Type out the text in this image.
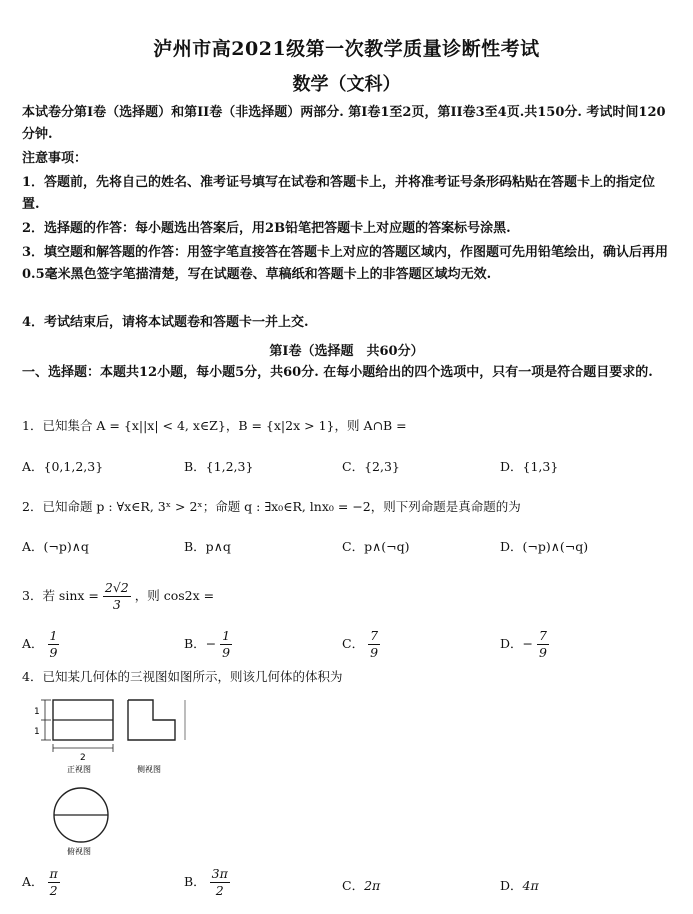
泸州市高2021级第一次教学质量诊断性考试
数学（文科）
本试卷分第I卷（选择题）和第II卷（非选择题）两部分. 第I卷1至2页，第II卷3至4页.共150分. 考试时间120分钟.
注意事项：
1．答题前，先将自己的姓名、准考证号填写在试卷和答题卡上，并将准考证号条形码粘贴在答题卡上的指定位置.
2．选择题的作答：每小题选出答案后，用2B铅笔把答题卡上对应题的答案标号涂黑.
3．填空题和解答题的作答：用签字笔直接答在答题卡上对应的答题区域内，作图题可先用铅笔绘出，确认后再用0.5毫米黑色签字笔描清楚，写在试题卷、草稿纸和答题卡上的非答题区域均无效.
4．考试结束后，请将本试题卷和答题卡一并上交.
第I卷（选择题　共60分）
一、选择题：本题共12小题，每小题5分，共60分. 在每小题给出的四个选项中，只有一项是符合题目要求的.
1．已知集合 A = {x||x| < 4, x∈Z}，B = {x|2x > 1}，则 A∩B =
A．{0,1,2,3}	B．{1,2,3}	C．{2,3}	D．{1,3}
2．已知命题 p : ∀x∈R, 3ˣ > 2ˣ；命题 q : ∃x₀∈R, lnx₀ = −2，则下列命题是真命题的为
A．(¬p)∧q	B．p∧q	C．p∧(¬q)	D．(¬p)∧(¬q)
3．若 $\sin x = \frac{2√2}{3}$ ，则 cos2x =
A． $\frac{1}{9}$	B．− $\frac{1}{9}$	C． $\frac{7}{9}$	D．− $\frac{7}{9}$
4．已知某几何体的三视图如图所示，则该几何体的体积为
1
1
2
正视图	侧视图
俯视图
A． $\frac{\pi}{2}$	B． $\frac{3\pi}{2}$	C．2π	D．4π
